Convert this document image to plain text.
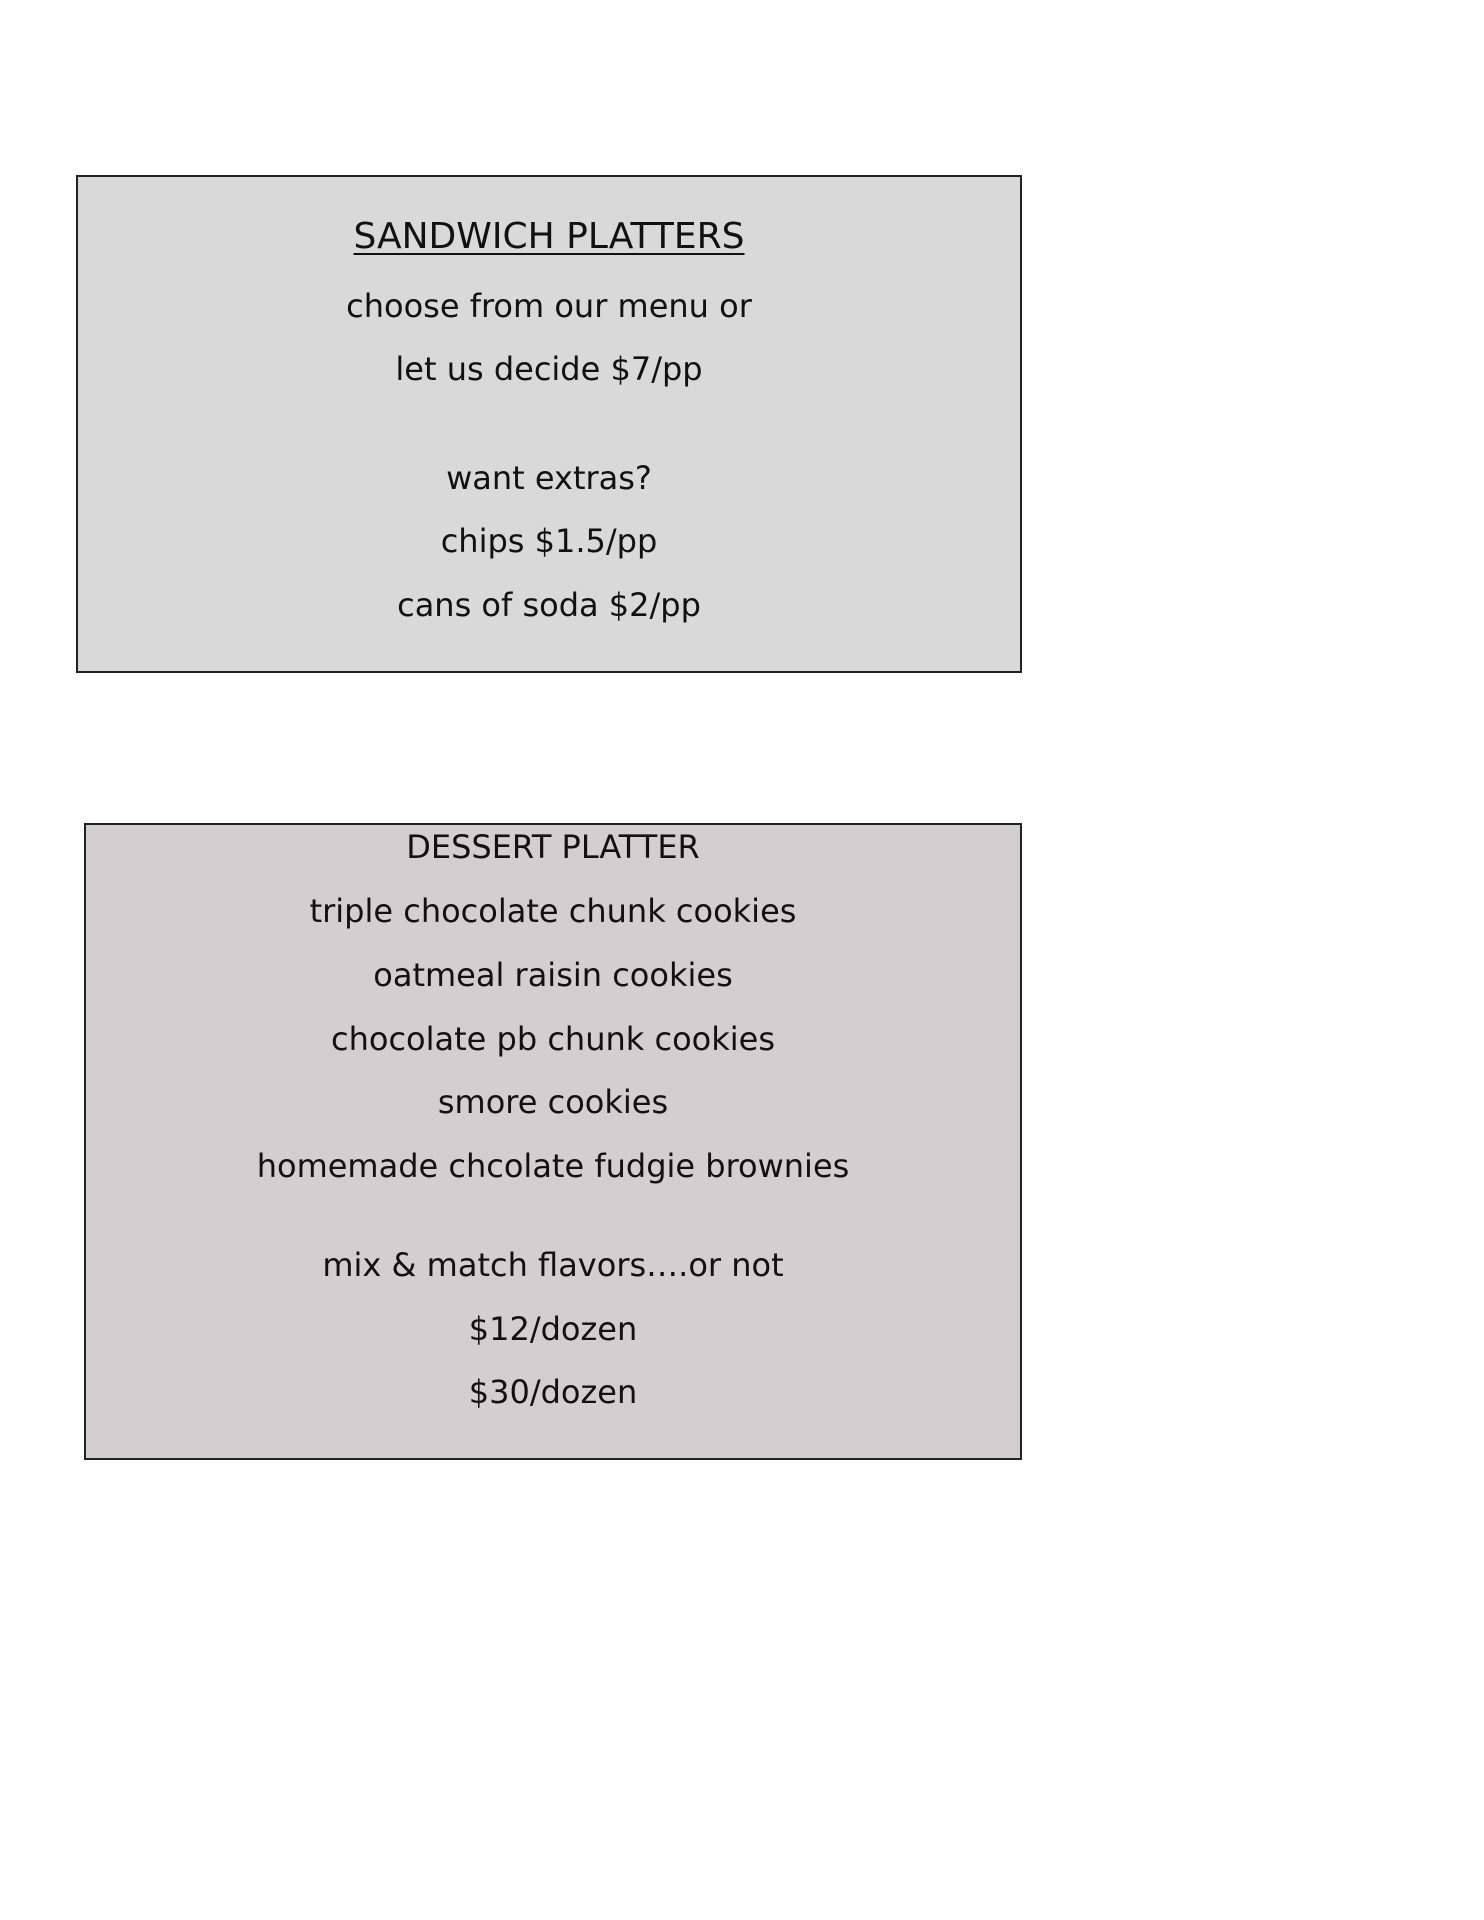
SANDWICH PLATTERS
choose from our menu or
let us decide $7/pp
want extras?
chips $1.5/pp
cans of soda $2/pp
DESSERT PLATTER
triple chocolate chunk cookies
oatmeal raisin cookies
chocolate pb chunk cookies
smore cookies
homemade chcolate fudgie brownies
mix & match flavors….or not
$12/dozen
$30/dozen
